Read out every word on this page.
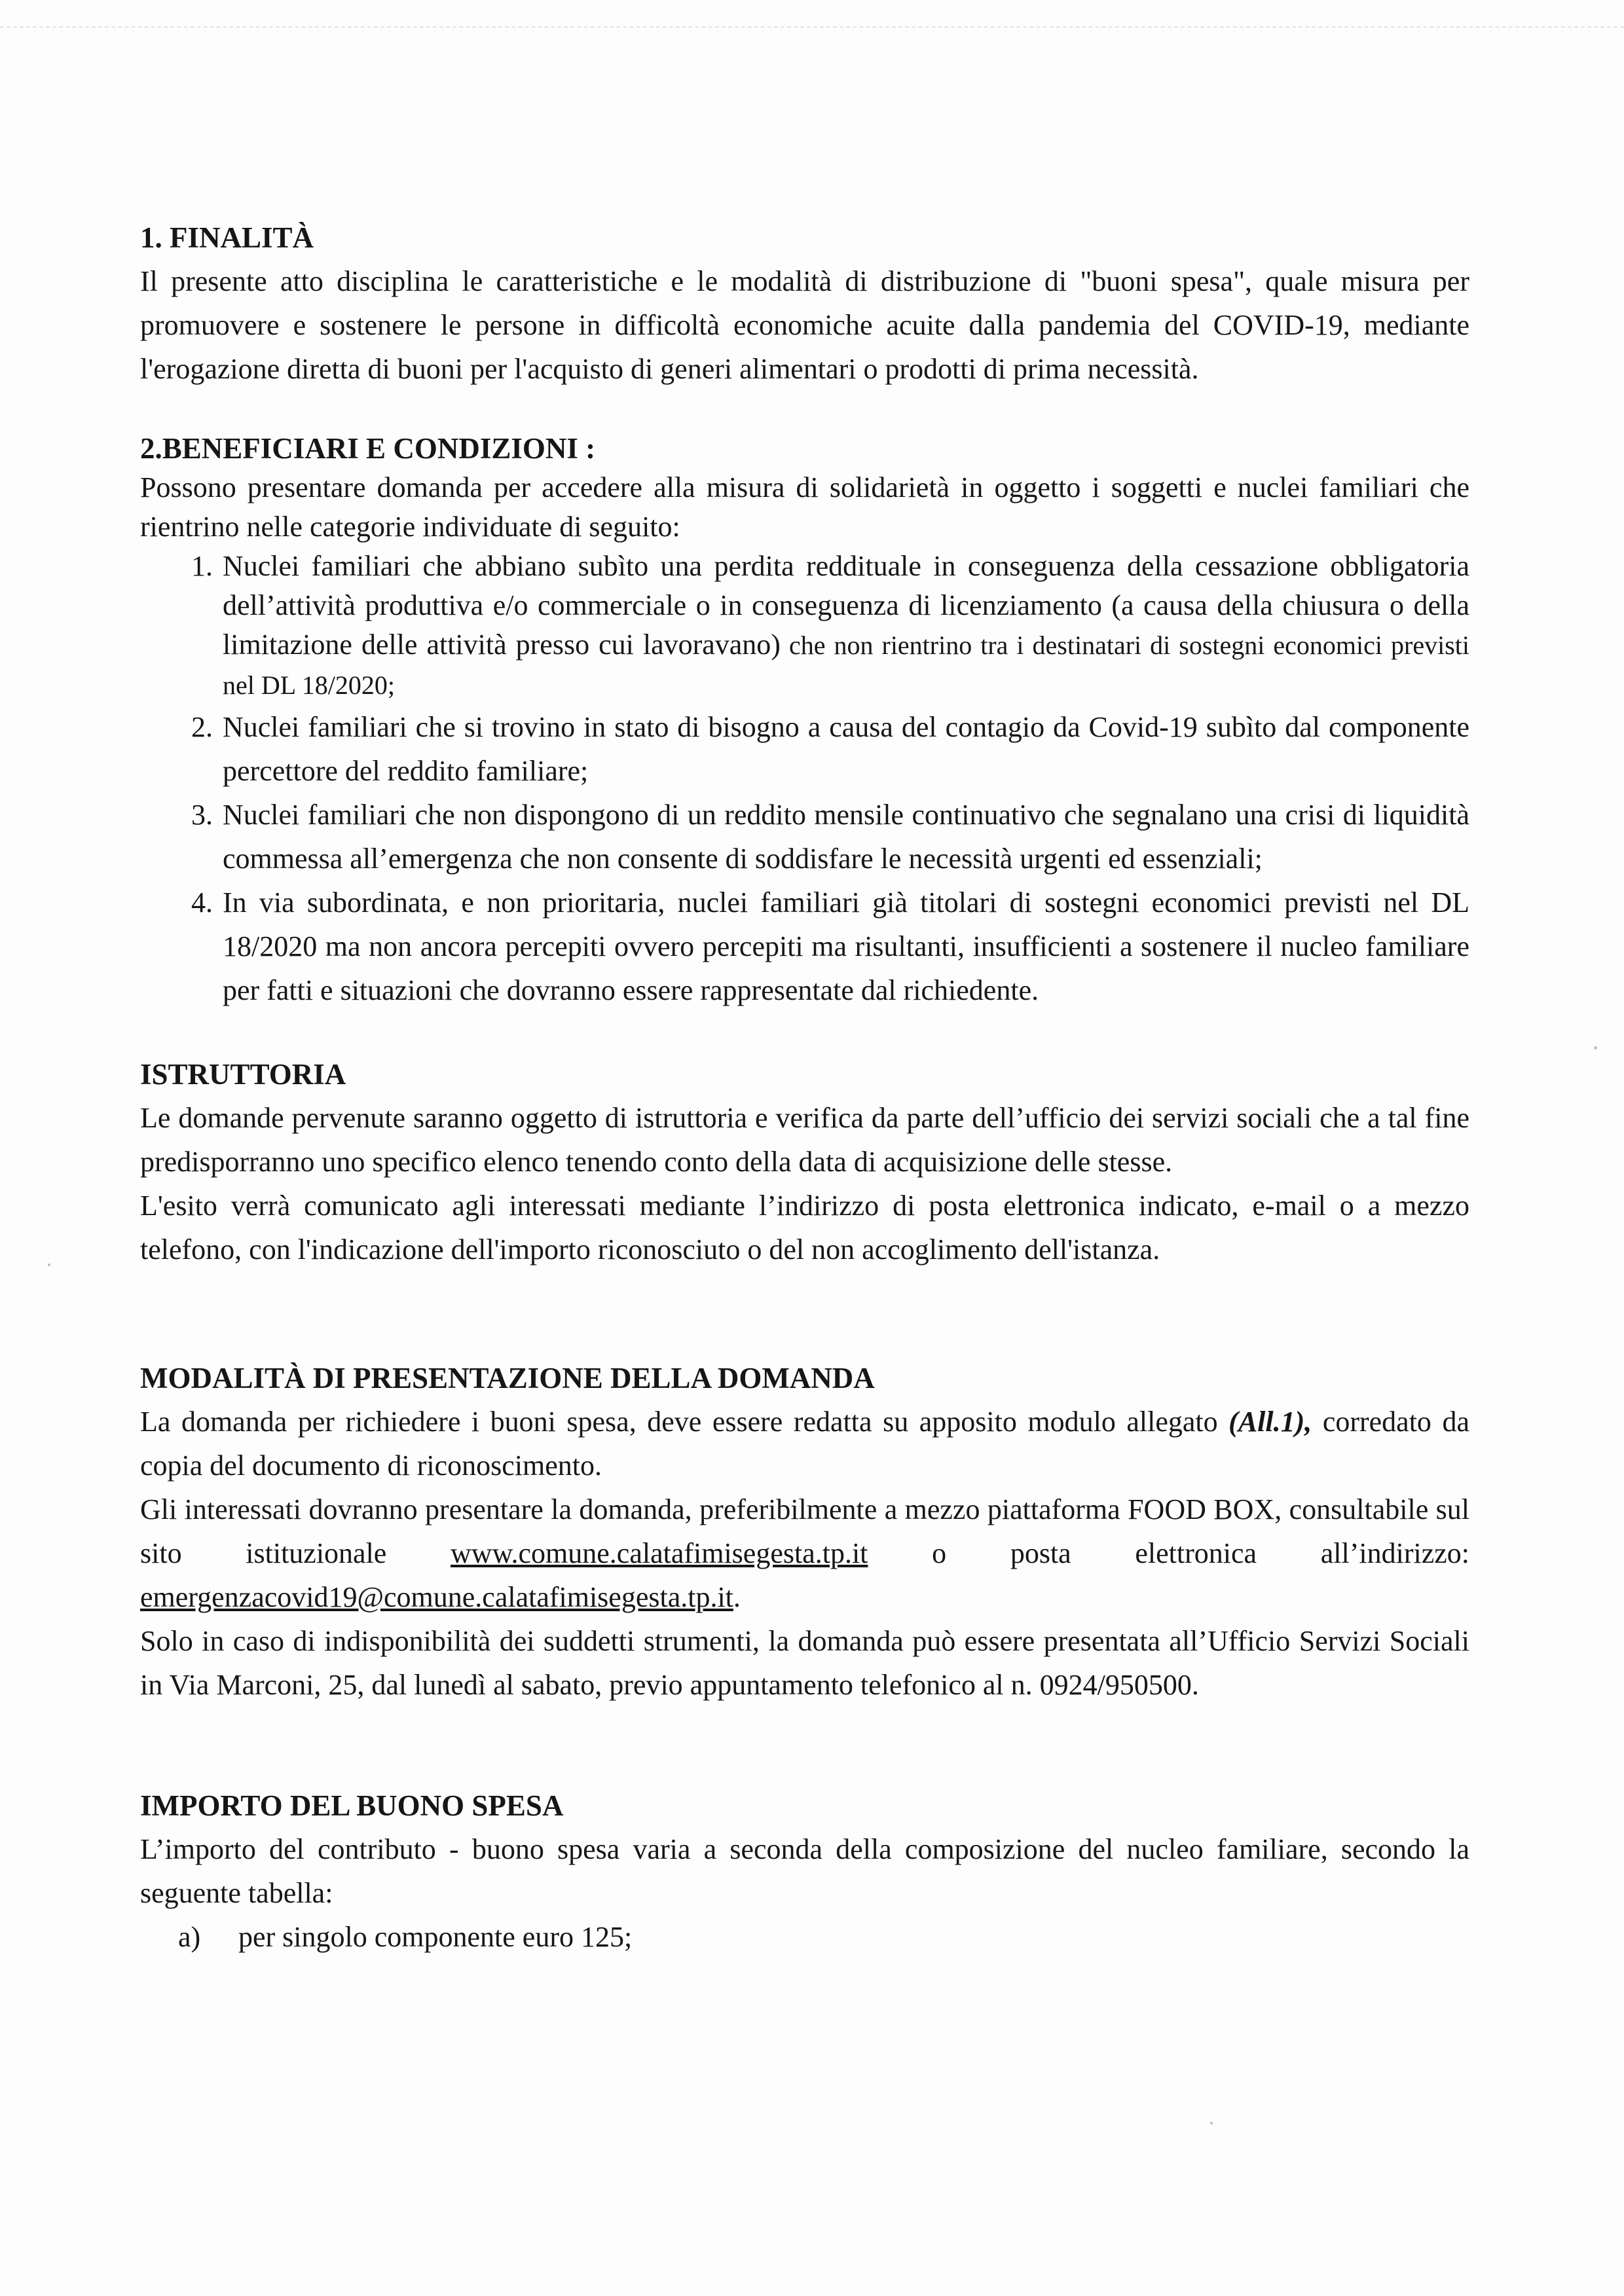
1. FINALITÀ

Il presente atto disciplina le caratteristiche e le modalità di distribuzione di "buoni spesa", quale misura per promuovere e sostenere le persone in difficoltà economiche acuite dalla pandemia del COVID-19, mediante l'erogazione diretta di buoni per l'acquisto di generi alimentari o prodotti di prima necessità.

2.BENEFICIARI E CONDIZIONI :

Possono presentare domanda per accedere alla misura di solidarietà in oggetto i soggetti e nuclei familiari che rientrino nelle categorie individuate di seguito:

1. Nuclei familiari che abbiano subìto una perdita reddituale in conseguenza della cessazione obbligatoria dell’attività produttiva e/o commerciale o in conseguenza di licenziamento (a causa della chiusura o della limitazione delle attività presso cui lavoravano) che non rientrino tra i destinatari di sostegni economici previsti nel DL 18/2020;
2. Nuclei familiari che si trovino in stato di bisogno a causa del contagio da Covid-19 subìto dal componente percettore del reddito familiare;
3. Nuclei familiari che non dispongono di un reddito mensile continuativo che segnalano una crisi di liquidità commessa all’emergenza che non consente di soddisfare le necessità urgenti ed essenziali;
4. In via subordinata, e non prioritaria, nuclei familiari già titolari di sostegni economici previsti nel DL 18/2020 ma non ancora percepiti ovvero percepiti ma risultanti, insufficienti a sostenere il nucleo familiare per fatti e situazioni che dovranno essere rappresentate dal richiedente.
ISTRUTTORIA

Le domande pervenute saranno oggetto di istruttoria e verifica da parte dell’ufficio dei servizi sociali che a tal fine predisporranno uno specifico elenco tenendo conto della data di acquisizione delle stesse.

L'esito verrà comunicato agli interessati mediante l’indirizzo di posta elettronica indicato, e-mail o a mezzo telefono, con l'indicazione dell'importo riconosciuto o del non accoglimento dell'istanza.

MODALITÀ DI PRESENTAZIONE DELLA DOMANDA

La domanda per richiedere i buoni spesa, deve essere redatta su apposito modulo allegato (All.1), corredato da copia del documento di riconoscimento.

Gli interessati dovranno presentare la domanda, preferibilmente a mezzo piattaforma FOOD BOX, consultabile sul sito istituzionale www.comune.calatafimisegesta.tp.it o posta elettronica all’indirizzo: emergenzacovid19@comune.calatafimisegesta.tp.it.

Solo in caso di indisponibilità dei suddetti strumenti, la domanda può essere presentata all’Ufficio Servizi Sociali in Via Marconi, 25, dal lunedì al sabato, previo appuntamento telefonico al n. 0924/950500.

IMPORTO DEL BUONO SPESA

L’importo del contributo - buono spesa varia a seconda della composizione del nucleo familiare, secondo la seguente tabella:

a)	per singolo componente euro 125;
